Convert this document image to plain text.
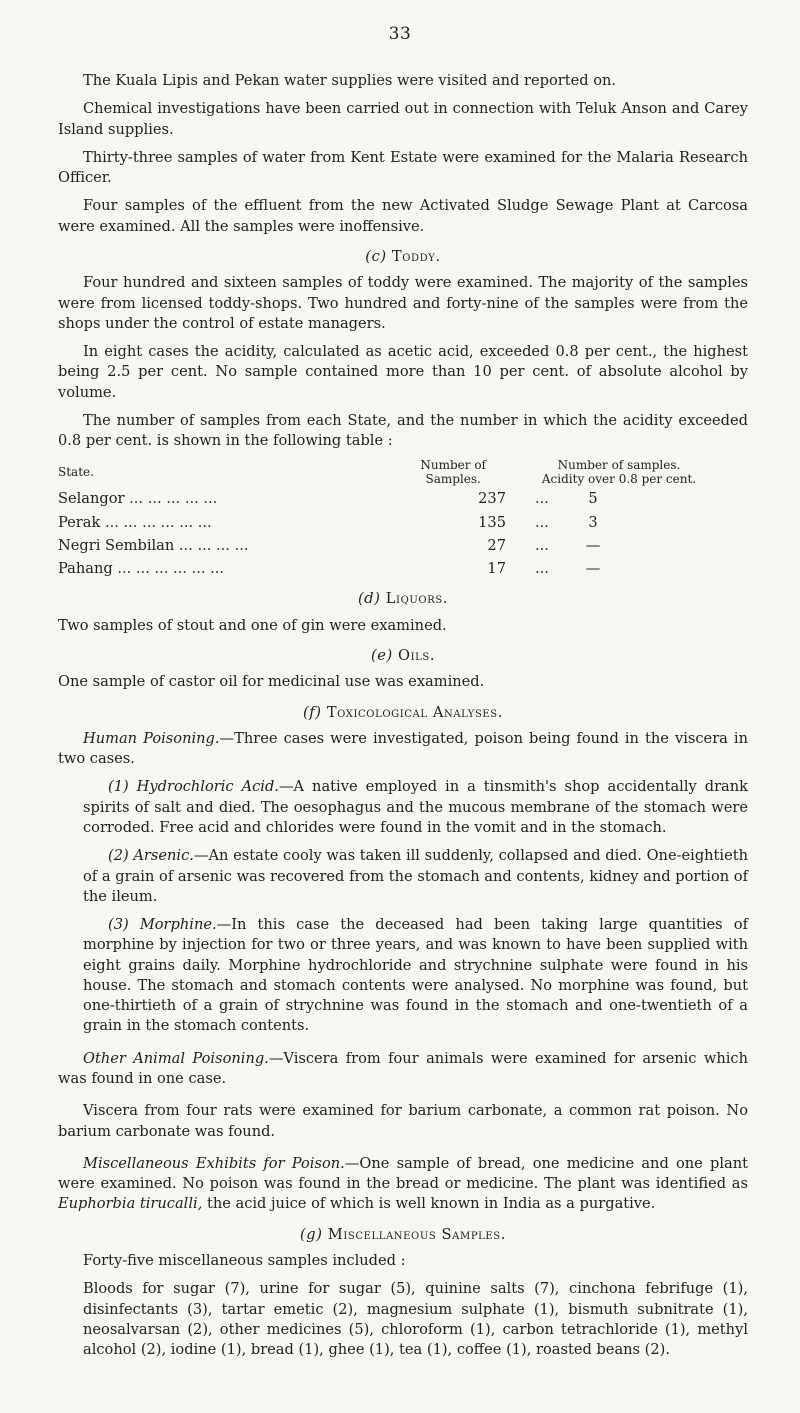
33

The Kuala Lipis and Pekan water supplies were visited and reported on.

Chemical investigations have been carried out in connection with Teluk Anson and Carey Island supplies.

Thirty-three samples of water from Kent Estate were examined for the Malaria Research Officer.

Four samples of the effluent from the new Activated Sludge Sewage Plant at Carcosa were examined. All the samples were inoffensive.

(c) Toddy.

Four hundred and sixteen samples of toddy were examined. The majority of the samples were from licensed toddy-shops. Two hundred and forty-nine of the samples were from the shops under the control of estate managers.

In eight cases the acidity, calculated as acetic acid, exceeded 0.8 per cent., the highest being 2.5 per cent. No sample contained more than 10 per cent. of absolute alcohol by volume.

The number of samples from each State, and the number in which the acidity exceeded 0.8 per cent. is shown in the following table :

State.	Number of
Samples.
Number of samples.
Acidity over 0.8 per cent.
Selangor ... ... ... ... ...	237	...	5
Perak ... ... ... ... ... ...	135	...	3
Negri Sembilan ... ... ... ...	27	...	—
Pahang ... ... ... ... ... ...	17	...	—
(d) Liquors.

Two samples of stout and one of gin were examined.

(e) Oils.

One sample of castor oil for medicinal use was examined.

(f) Toxicological Analyses.

Human Poisoning.—Three cases were investigated, poison being found in the viscera in two cases.

(1) Hydrochloric Acid.—A native employed in a tinsmith's shop accidentally drank spirits of salt and died. The oesophagus and the mucous membrane of the stomach were corroded. Free acid and chlorides were found in the vomit and in the stomach.

(2) Arsenic.—An estate cooly was taken ill suddenly, collapsed and died. One-eightieth of a grain of arsenic was recovered from the stomach and contents, kidney and portion of the ileum.

(3) Morphine.—In this case the deceased had been taking large quantities of morphine by injection for two or three years, and was known to have been supplied with eight grains daily. Morphine hydrochloride and strychnine sulphate were found in his house. The stomach and stomach contents were analysed. No morphine was found, but one-thirtieth of a grain of strychnine was found in the stomach and one-twentieth of a grain in the stomach contents.

Other Animal Poisoning.—Viscera from four animals were examined for arsenic which was found in one case.

Viscera from four rats were examined for barium carbonate, a common rat poison. No barium carbonate was found.

Miscellaneous Exhibits for Poison.—One sample of bread, one medicine and one plant were examined. No poison was found in the bread or medicine. The plant was identified as Euphorbia tirucalli, the acid juice of which is well known in India as a purgative.

(g) Miscellaneous Samples.

Forty-five miscellaneous samples included :

Bloods for sugar (7), urine for sugar (5), quinine salts (7), cinchona febrifuge (1), disinfectants (3), tartar emetic (2), magnesium sulphate (1), bismuth subnitrate (1), neosalvarsan (2), other medicines (5), chloroform (1), carbon tetrachloride (1), methyl alcohol (2), iodine (1), bread (1), ghee (1), tea (1), coffee (1), roasted beans (2).
